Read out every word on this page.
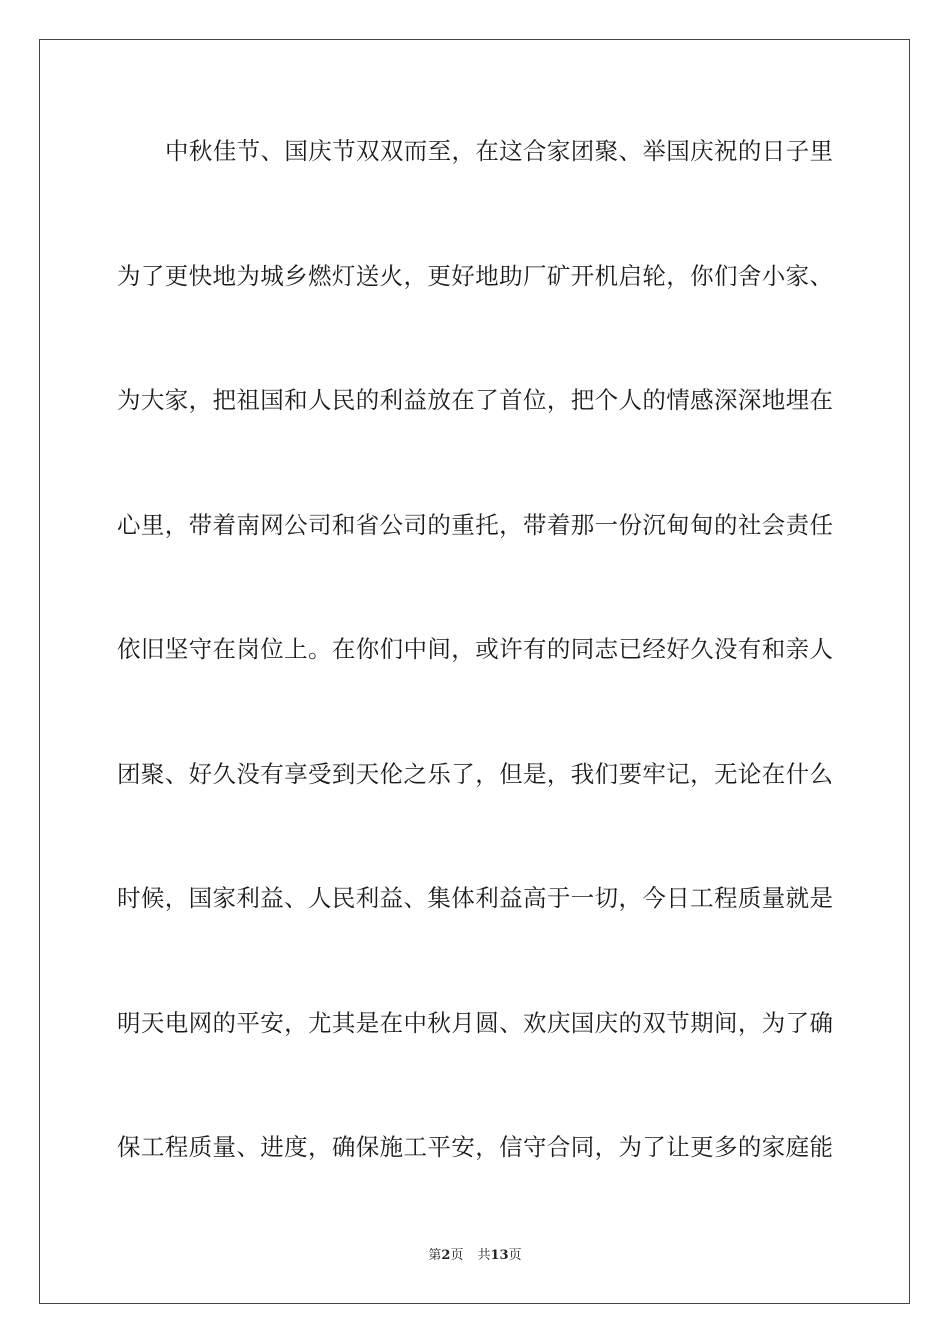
中秋佳节、国庆节双双而至，在这合家团聚、举国庆祝的日子里
为了更快地为城乡燃灯送火，更好地助厂矿开机启轮，你们舍小家、
为大家，把祖国和人民的利益放在了首位，把个人的情感深深地埋在
心里，带着南网公司和省公司的重托，带着那一份沉甸甸的社会责任
依旧坚守在岗位上。在你们中间，或许有的同志已经好久没有和亲人
团聚、好久没有享受到天伦之乐了，但是，我们要牢记，无论在什么
时候，国家利益、人民利益、集体利益高于一切，今日工程质量就是
明天电网的平安，尤其是在中秋月圆、欢庆国庆的双节期间，为了确
保工程质量、进度，确保施工平安，信守合同，为了让更多的家庭能
第2页 共13页
